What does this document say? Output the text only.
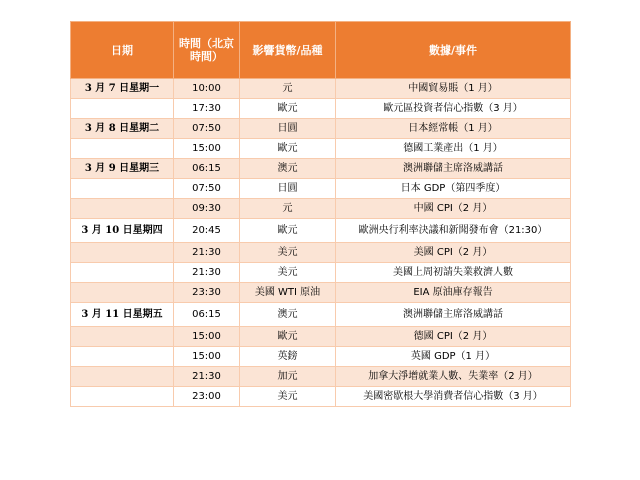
日期	時間（北京時間）	影響貨幣/品種	數據/事件
3 月 7 日星期一	10:00	元	中國貿易賬（1 月）
	17:30	歐元	歐元區投資者信心指數（3 月）
3 月 8 日星期二	07:50	日圓	日本經常帳（1 月）
	15:00	歐元	德國工業產出（1 月）
3 月 9 日星期三	06:15	澳元	澳洲聯儲主席洛威講話
	07:50	日圓	日本 GDP（第四季度）
	09:30	元	中國 CPI（2 月）
3 月 10 日星期四	20:45	歐元	歐洲央行利率決議和新聞發布會（21:30）
	21:30	美元	美國 CPI（2 月）
	21:30	美元	美國上周初請失業救濟人數
	23:30	美國 WTI 原油	EIA 原油庫存報告
3 月 11 日星期五	06:15	澳元	澳洲聯儲主席洛威講話
	15:00	歐元	德國 CPI（2 月）
	15:00	英鎊	英國 GDP（1 月）
	21:30	加元	加拿大淨增就業人數、失業率（2 月）
	23:00	美元	美國密歇根大學消費者信心指數（3 月）
